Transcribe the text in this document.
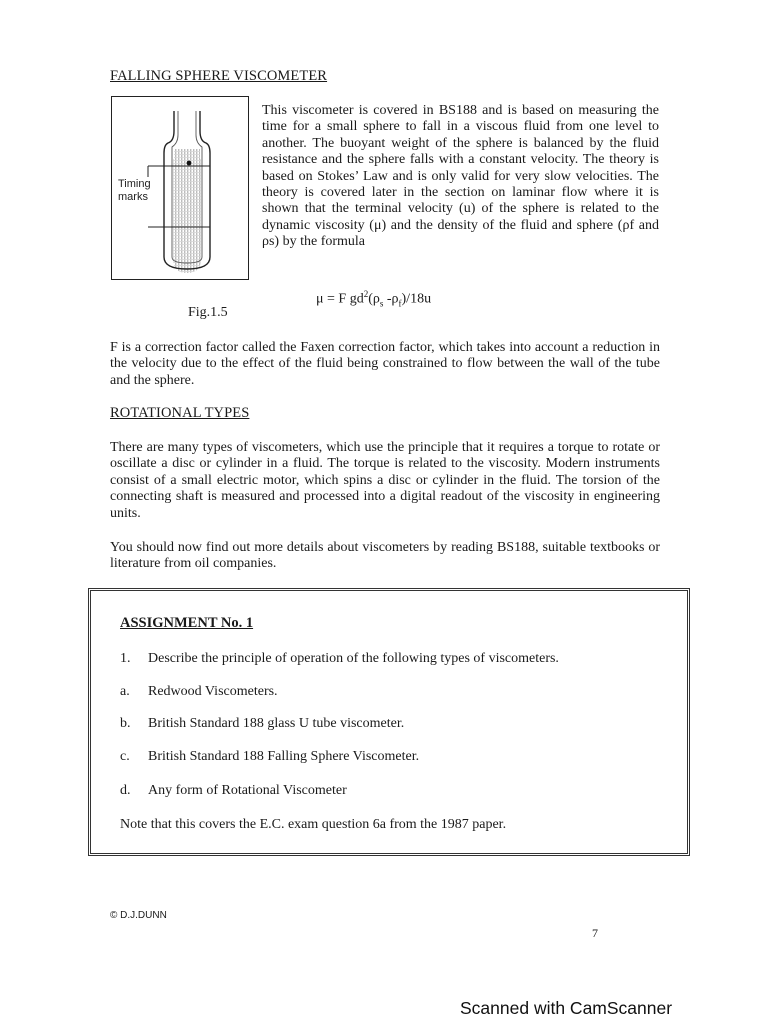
FALLING SPHERE VISCOMETER
Timing
marks
Fig.1.5
This viscometer is covered in BS188 and is based on measuring the time for a small sphere to fall in a viscous fluid from one level to another. The buoyant weight of the sphere is balanced by the fluid resistance and the sphere falls with a constant velocity. The theory is based on Stokes’ Law and is only valid for very slow velocities. The theory is covered later in the section on laminar flow where it is shown that the terminal velocity (u) of the sphere is related to the dynamic viscosity (μ) and the density of the fluid and sphere (ρf and ρs) by the formula
μ = F $gd^2(\rho_s$ $-\rho_f)/18u$
F is a correction factor called the Faxen correction factor, which takes into account a reduction in the velocity due to the effect of the fluid being constrained to flow between the wall of the tube and the sphere.
ROTATIONAL TYPES
There are many types of viscometers, which use the principle that it requires a torque to rotate or oscillate a disc or cylinder in a fluid. The torque is related to the viscosity. Modern instruments consist of a small electric motor, which spins a disc or cylinder in the fluid. The torsion of the connecting shaft is measured and processed into a digital readout of the viscosity in engineering units.
You should now find out more details about viscometers by reading BS188, suitable textbooks or literature from oil companies.
ASSIGNMENT No. 1
1. Describe the principle of operation of the following types of viscometers.
a. Redwood Viscometers.
b. British Standard 188 glass U tube viscometer.
c. British Standard 188 Falling Sphere Viscometer.
d. Any form of Rotational Viscometer
Note that this covers the E.C. exam question 6a from the 1987 paper.
© D.J.DUNN
7
Scanned with CamScanner
